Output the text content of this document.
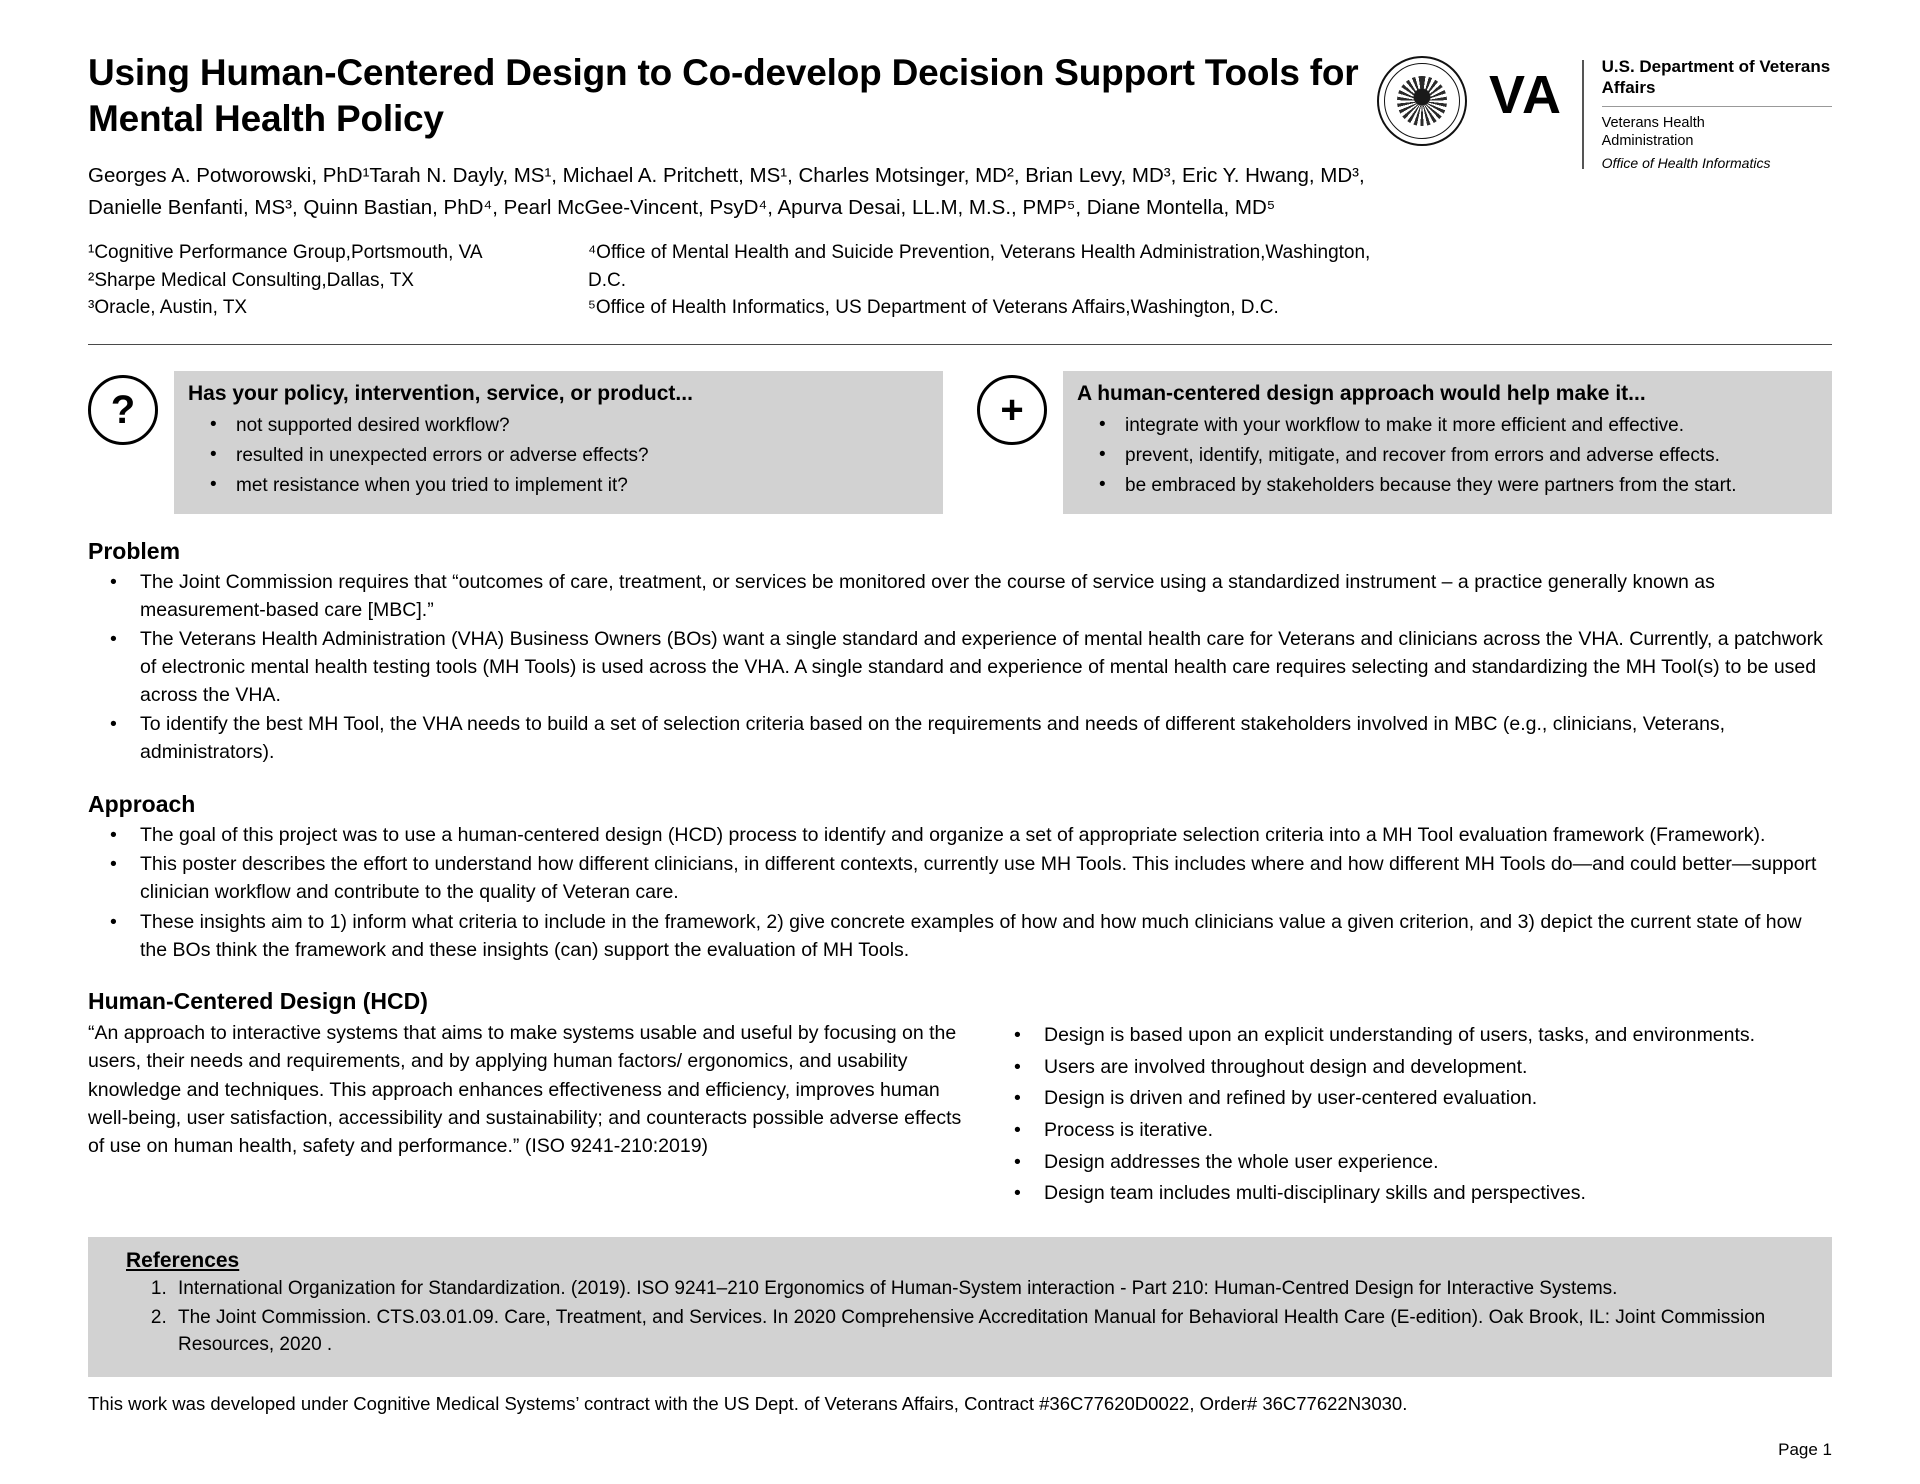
Using Human-Centered Design to Co-develop Decision Support Tools for Mental Health Policy
Georges A. Potworowski, PhD¹Tarah N. Dayly, MS¹, Michael A. Pritchett, MS¹, Charles Motsinger, MD², Brian Levy, MD³, Eric Y. Hwang, MD³, Danielle Benfanti, MS³, Quinn Bastian, PhD⁴, Pearl McGee-Vincent, PsyD⁴, Apurva Desai, LL.M, M.S., PMP⁵, Diane Montella, MD⁵
¹Cognitive Performance Group,Portsmouth, VA
²Sharpe Medical Consulting,Dallas, TX
³Oracle, Austin, TX
⁴Office of Mental Health and Suicide Prevention, Veterans Health Administration,Washington, D.C.
⁵Office of Health Informatics, US Department of Veterans Affairs,Washington, D.C.
VA	U.S. Department of Veterans Affairs
Veterans Health
Administration
Office of Health Informatics
?	Has your policy, intervention, service, or product...
• not supported desired workflow?
• resulted in unexpected errors or adverse effects?
• met resistance when you tried to implement it?
+	A human-centered design approach would help make it...
• integrate with your workflow to make it more efficient and effective.
• prevent, identify, mitigate, and recover from errors and adverse effects.
• be embraced by stakeholders because they were partners from the start.
Problem
• The Joint Commission requires that “outcomes of care, treatment, or services be monitored over the course of service using a standardized instrument – a practice generally known as measurement-based care [MBC].”
• The Veterans Health Administration (VHA) Business Owners (BOs) want a single standard and experience of mental health care for Veterans and clinicians across the VHA. Currently, a patchwork of electronic mental health testing tools (MH Tools) is used across the VHA. A single standard and experience of mental health care requires selecting and standardizing the MH Tool(s) to be used across the VHA.
• To identify the best MH Tool, the VHA needs to build a set of selection criteria based on the requirements and needs of different stakeholders involved in MBC (e.g., clinicians, Veterans, administrators).
Approach
• The goal of this project was to use a human-centered design (HCD) process to identify and organize a set of appropriate selection criteria into a MH Tool evaluation framework (Framework).
• This poster describes the effort to understand how different clinicians, in different contexts, currently use MH Tools. This includes where and how different MH Tools do—and could better—support clinician workflow and contribute to the quality of Veteran care.
• These insights aim to 1) inform what criteria to include in the framework, 2) give concrete examples of how and how much clinicians value a given criterion, and 3) depict the current state of how the BOs think the framework and these insights (can) support the evaluation of MH Tools.
Human-Centered Design (HCD)
“An approach to interactive systems that aims to make systems usable and useful by focusing on the users, their needs and requirements, and by applying human factors/ ergonomics, and usability knowledge and techniques. This approach enhances effectiveness and efficiency, improves human well-being, user satisfaction, accessibility and sustainability; and counteracts possible adverse effects of use on human health, safety and performance.” (ISO 9241-210:2019)
• Design is based upon an explicit understanding of users, tasks, and environments.
• Users are involved throughout design and development.
• Design is driven and refined by user-centered evaluation.
• Process is iterative.
• Design addresses the whole user experience.
• Design team includes multi-disciplinary skills and perspectives.
References
1. International Organization for Standardization. (2019). ISO 9241–210 Ergonomics of Human-System interaction - Part 210: Human-Centred Design for Interactive Systems.
2. The Joint Commission. CTS.03.01.09. Care, Treatment, and Services. In 2020 Comprehensive Accreditation Manual for Behavioral Health Care (E-edition). Oak Brook, IL: Joint Commission Resources, 2020 .
This work was developed under Cognitive Medical Systems’ contract with the US Dept. of Veterans Affairs, Contract #36C77620D0022, Order# 36C77622N3030.
Page 1
